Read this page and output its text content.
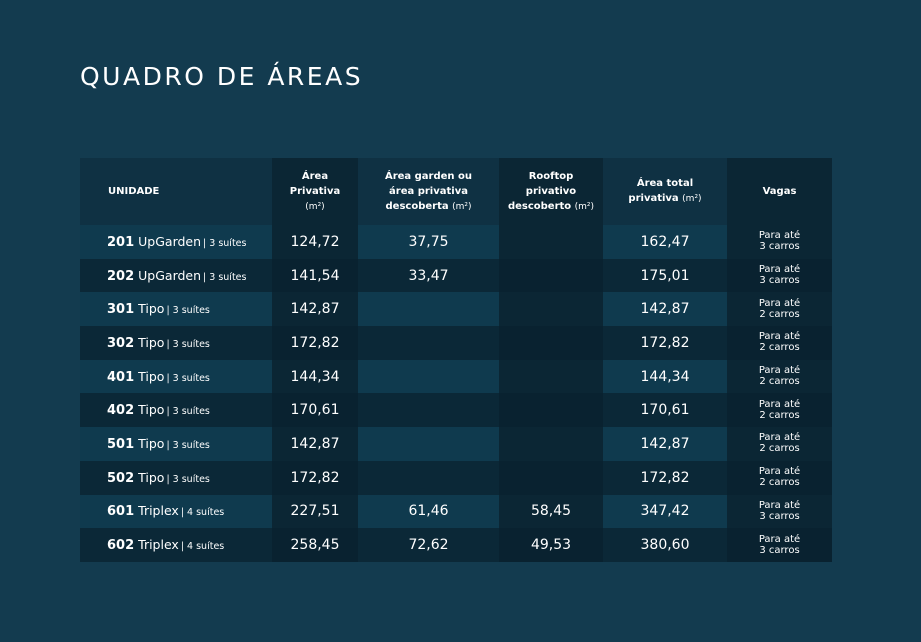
QUADRO DE ÁREAS
UNIDADE	Área
Privativa
(m²)	Área garden ou
área privativa
descoberta (m²)	Rooftop
privativo
descoberto (m²)	Área total
privativa (m²)	Vagas
201 UpGarden | 3 suítes	124,72	37,75		162,47	Para até
3 carros
202 UpGarden | 3 suítes	141,54	33,47		175,01	Para até
3 carros
301 Tipo | 3 suítes	142,87			142,87	Para até
2 carros
302 Tipo | 3 suítes	172,82			172,82	Para até
2 carros
401 Tipo | 3 suítes	144,34			144,34	Para até
2 carros
402 Tipo | 3 suítes	170,61			170,61	Para até
2 carros
501 Tipo | 3 suítes	142,87			142,87	Para até
2 carros
502 Tipo | 3 suítes	172,82			172,82	Para até
2 carros
601 Triplex | 4 suítes	227,51	61,46	58,45	347,42	Para até
3 carros
602 Triplex | 4 suítes	258,45	72,62	49,53	380,60	Para até
3 carros
